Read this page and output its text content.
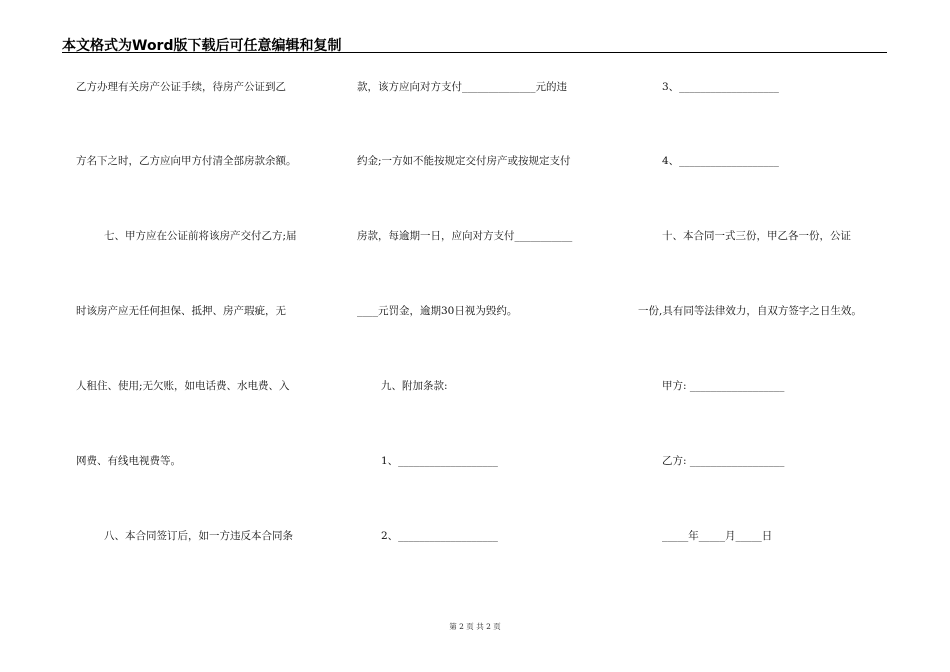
本文格式为Word版下载后可任意编辑和复制
乙方办理有关房产公证手续，待房产公证到乙
方名下之时，乙方应向甲方付清全部房款余额。
七、甲方应在公证前将该房产交付乙方;届
时该房产应无任何担保、抵押、房产瑕疵，无
人租住、使用;无欠账，如电话费、水电费、入
网费、有线电视费等。
八、本合同签订后，如一方违反本合同条
款，该方应向对方支付______________元的违
约金;一方如不能按规定交付房产或按规定支付
房款，每逾期一日，应向对方支付___________
____元罚金，逾期30日视为毁约。
九、附加条款:
1、___________________
2、___________________
3、___________________
4、___________________
十、本合同一式三份，甲乙各一份，公证
一份,具有同等法律效力，自双方签字之日生效。
甲方: __________________
乙方: __________________
_____年_____月_____日
第 2 页 共 2 页
